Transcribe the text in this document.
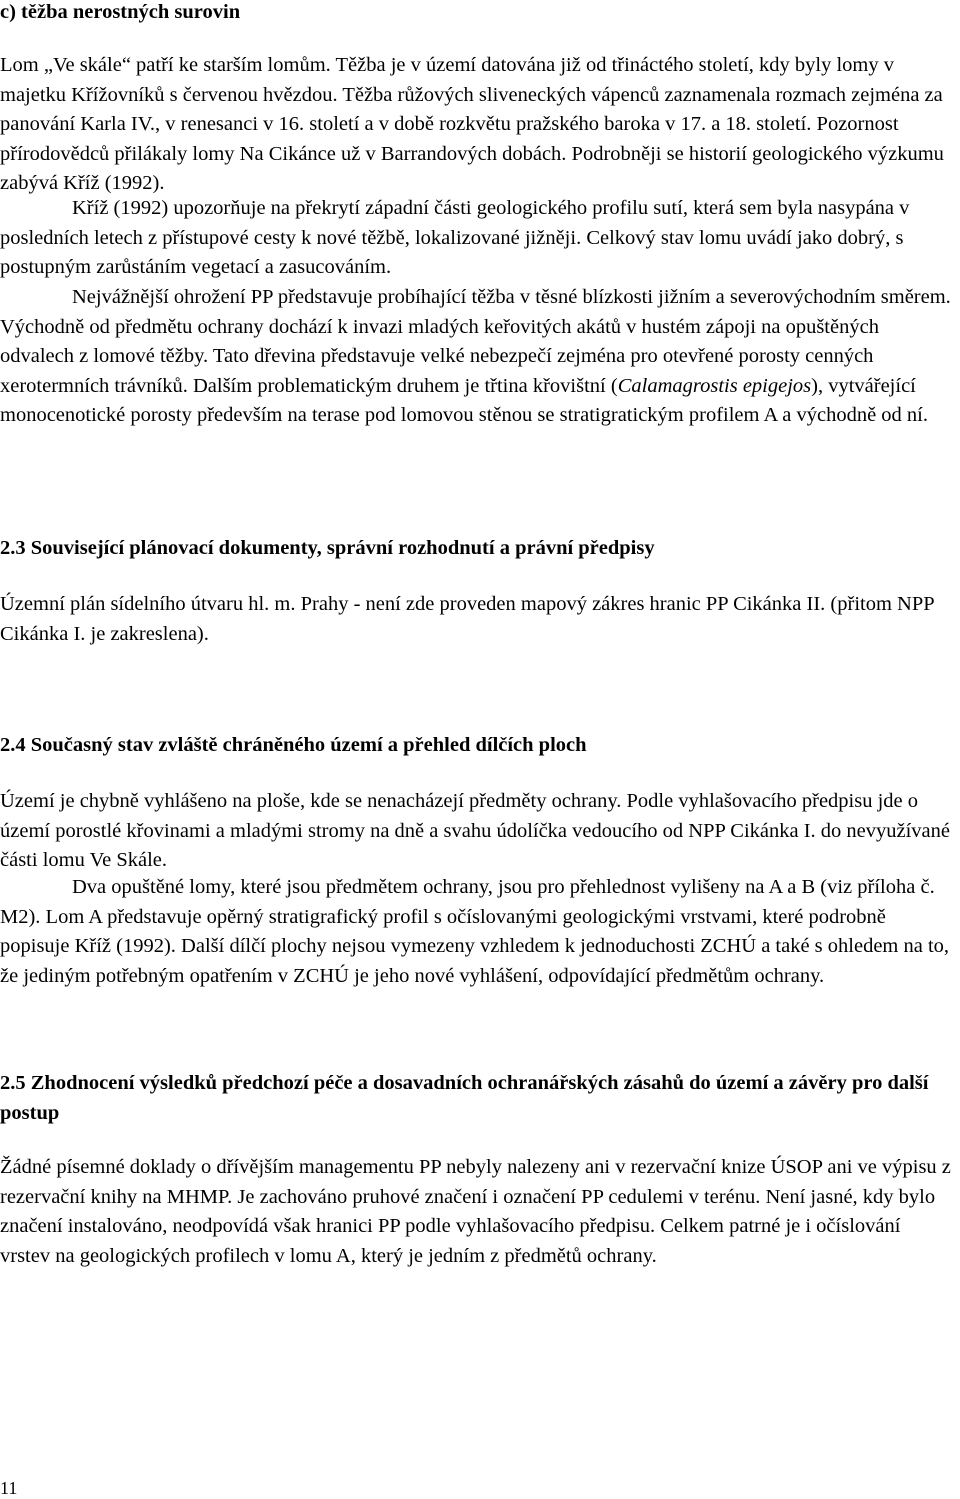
c) těžba nerostných surovin

Lom „Ve skále“ patří ke starším lomům. Těžba je v území datována již od třináctého století, kdy byly lomy v majetku Křížovníků s červenou hvězdou. Těžba růžových sliveneckých vápenců zaznamenala rozmach zejména za panování Karla IV., v renesanci v 16. století a v době rozkvětu pražského baroka v 17. a 18. století. Pozornost přírodovědců přilákaly lomy Na Cikánce už v Barrandových dobách. Podrobněji se historií geologického výzkumu zabývá Kříž (1992).

Kříž (1992) upozorňuje na překrytí západní části geologického profilu sutí, která sem byla nasypána v posledních letech z přístupové cesty k nové těžbě, lokalizované jižněji. Celkový stav lomu uvádí jako dobrý, s postupným zarůstáním vegetací a zasucováním.

Nejvážnější ohrožení PP představuje probíhající těžba v těsné blízkosti jižním a severovýchodním směrem. Východně od předmětu ochrany dochází k invazi mladých keřovitých akátů v hustém zápoji na opuštěných odvalech z lomové těžby. Tato dřevina představuje velké nebezpečí zejména pro otevřené porosty cenných xerotermních trávníků. Dalším problematickým druhem je třtina křovištní (Calamagrostis epigejos), vytvářející monocenotické porosty především na terase pod lomovou stěnou se stratigratickým profilem A a východně od ní.

2.3 Související plánovací dokumenty, správní rozhodnutí a právní předpisy

Územní plán sídelního útvaru hl. m. Prahy - není zde proveden mapový zákres hranic PP Cikánka II. (přitom NPP Cikánka I. je zakreslena).

2.4 Současný stav zvláště chráněného území a přehled dílčích ploch

Území je chybně vyhlášeno na ploše, kde se nenacházejí předměty ochrany. Podle vyhlašovacího předpisu jde o území porostlé křovinami a mladými stromy na dně a svahu údolíčka vedoucího od NPP Cikánka I. do nevyužívané části lomu Ve Skále.

Dva opuštěné lomy, které jsou předmětem ochrany, jsou pro přehlednost vylišeny na A a B (viz příloha č. M2). Lom A představuje opěrný stratigrafický profil s očíslovanými geologickými vrstvami, které podrobně popisuje Kříž (1992). Další dílčí plochy nejsou vymezeny vzhledem k jednoduchosti ZCHÚ a také s ohledem na to, že jediným potřebným opatřením v ZCHÚ je jeho nové vyhlášení, odpovídající předmětům ochrany.

2.5 Zhodnocení výsledků předchozí péče a dosavadních ochranářských zásahů do území a závěry pro další postup

Žádné písemné doklady o dřívějším managementu PP nebyly nalezeny ani v rezervační knize ÚSOP ani ve výpisu z rezervační knihy na MHMP. Je zachováno pruhové značení i označení PP cedulemi v terénu. Není jasné, kdy bylo značení instalováno, neodpovídá však hranici PP podle vyhlašovacího předpisu. Celkem patrné je i očíslování vrstev na geologických profilech v lomu A, který je jedním z předmětů ochrany.

11
